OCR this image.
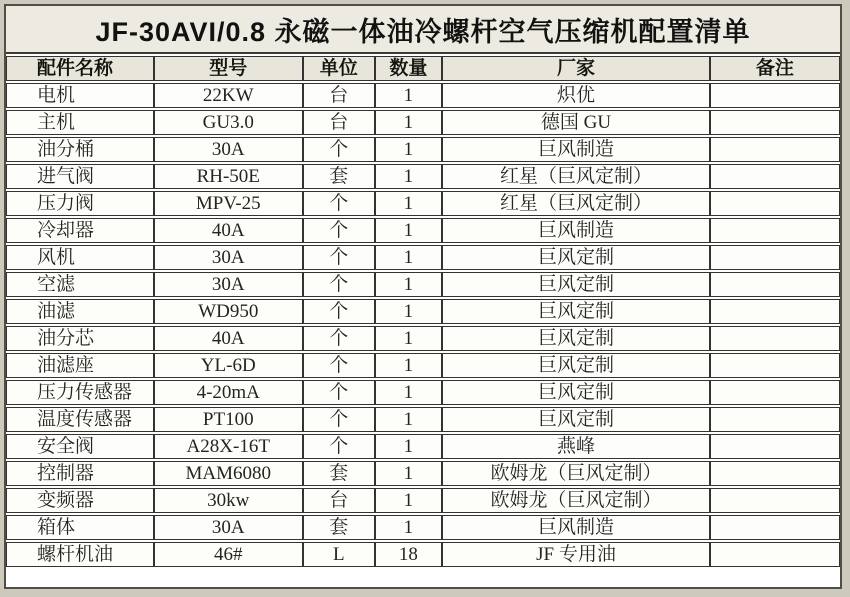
JF-30AVI/0.8 永磁一体油冷螺杆空气压缩机配置清单
配件名称	型号	单位	数量	厂家	备注
电机	22KW	台	1	炽优	
主机	GU3.0	台	1	德国 GU	
油分桶	30A	个	1	巨风制造	
进气阀	RH-50E	套	1	红星（巨风定制）	
压力阀	MPV-25	个	1	红星（巨风定制）	
冷却器	40A	个	1	巨风制造	
风机	30A	个	1	巨风定制	
空滤	30A	个	1	巨风定制	
油滤	WD950	个	1	巨风定制	
油分芯	40A	个	1	巨风定制	
油滤座	YL-6D	个	1	巨风定制	
压力传感器	4-20mA	个	1	巨风定制	
温度传感器	PT100	个	1	巨风定制	
安全阀	A28X-16T	个	1	燕峰	
控制器	MAM6080	套	1	欧姆龙（巨风定制）	
变频器	30kw	台	1	欧姆龙（巨风定制）	
箱体	30A	套	1	巨风制造	
螺杆机油	46#	L	18	JF 专用油	
